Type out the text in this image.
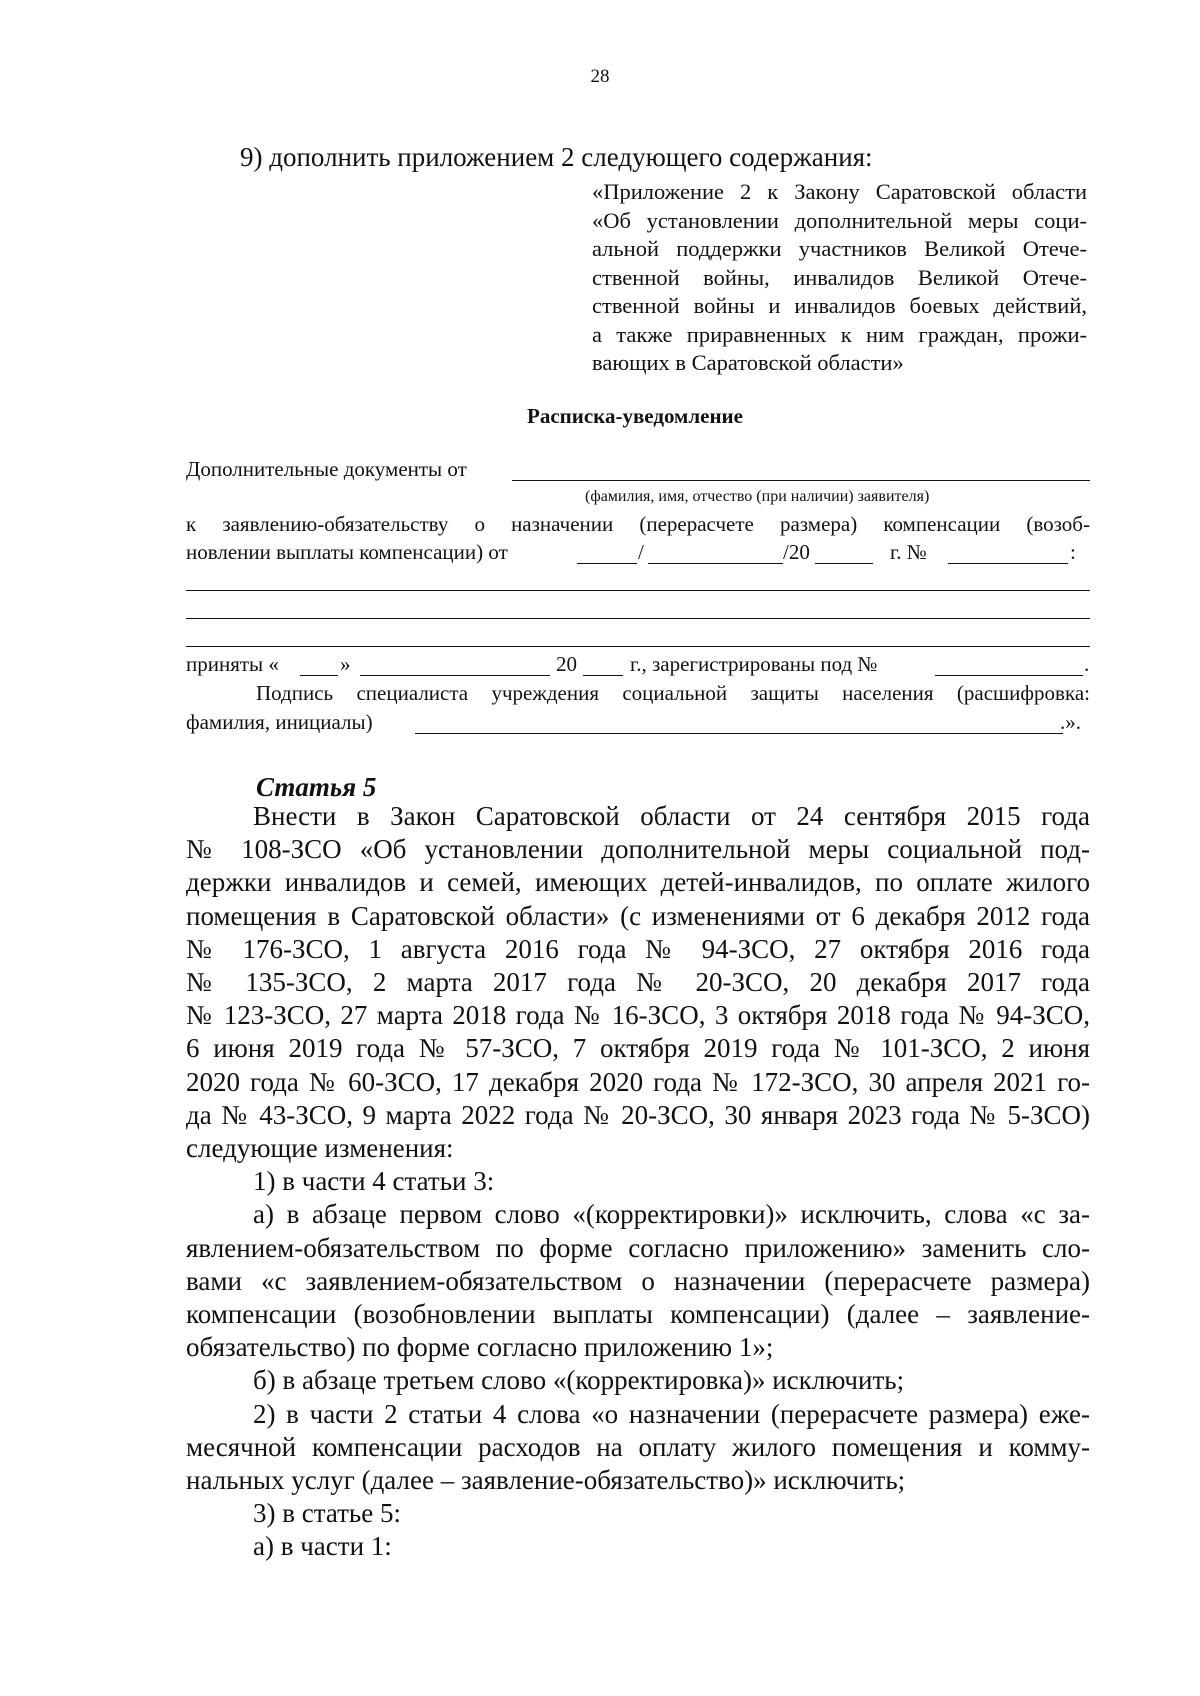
28
9) дополнить приложением 2 следующего содержания:
«Приложение 2 к Закону Саратовской области
«Об установлении дополнительной меры соци-
альной поддержки участников Великой Отече-
ственной войны, инвалидов Великой Отече-
ственной войны и инвалидов боевых действий,
а также приравненных к ним граждан, прожи-
вающих в Саратовской области»
Расписка-уведомление
Дополнительные документы от
(фамилия, имя, отчество (при наличии) заявителя)
к заявлению-обязательству о назначении (перерасчете размера) компенсации (возоб-
новлении выплаты компенсации) от	/	/20	г. №	:
приняты «	»	20	г., зарегистрированы под №	.
Подпись специалиста учреждения социальной защиты населения (расшифровка:
фамилия, инициалы)	.».
Статья 5
Внести в Закон Саратовской области от 24 сентября 2015 года
№ 108-ЗСО «Об установлении дополнительной меры социальной под-
держки инвалидов и семей, имеющих детей-инвалидов, по оплате жилого
помещения в Саратовской области» (с изменениями от 6 декабря 2012 года
№ 176-ЗСО, 1 августа 2016 года № 94-ЗСО, 27 октября 2016 года
№ 135-ЗСО, 2 марта 2017 года № 20-ЗСО, 20 декабря 2017 года
№ 123-ЗСО, 27 марта 2018 года № 16-ЗСО, 3 октября 2018 года № 94-ЗСО,
6 июня 2019 года № 57-ЗСО, 7 октября 2019 года № 101-ЗСО, 2 июня
2020 года № 60-ЗСО, 17 декабря 2020 года № 172-ЗСО, 30 апреля 2021 го-
да № 43-ЗСО, 9 марта 2022 года № 20-ЗСО, 30 января 2023 года № 5-ЗСО)
следующие изменения:
1) в части 4 статьи 3:
а) в абзаце первом слово «(корректировки)» исключить, слова «с за-
явлением-обязательством по форме согласно приложению» заменить сло-
вами «с заявлением-обязательством о назначении (перерасчете размера)
компенсации (возобновлении выплаты компенсации) (далее – заявление-
обязательство) по форме согласно приложению 1»;
б) в абзаце третьем слово «(корректировка)» исключить;
2) в части 2 статьи 4 слова «о назначении (перерасчете размера) еже-
месячной компенсации расходов на оплату жилого помещения и комму-
нальных услуг (далее – заявление-обязательство)» исключить;
3) в статье 5:
а) в части 1:
